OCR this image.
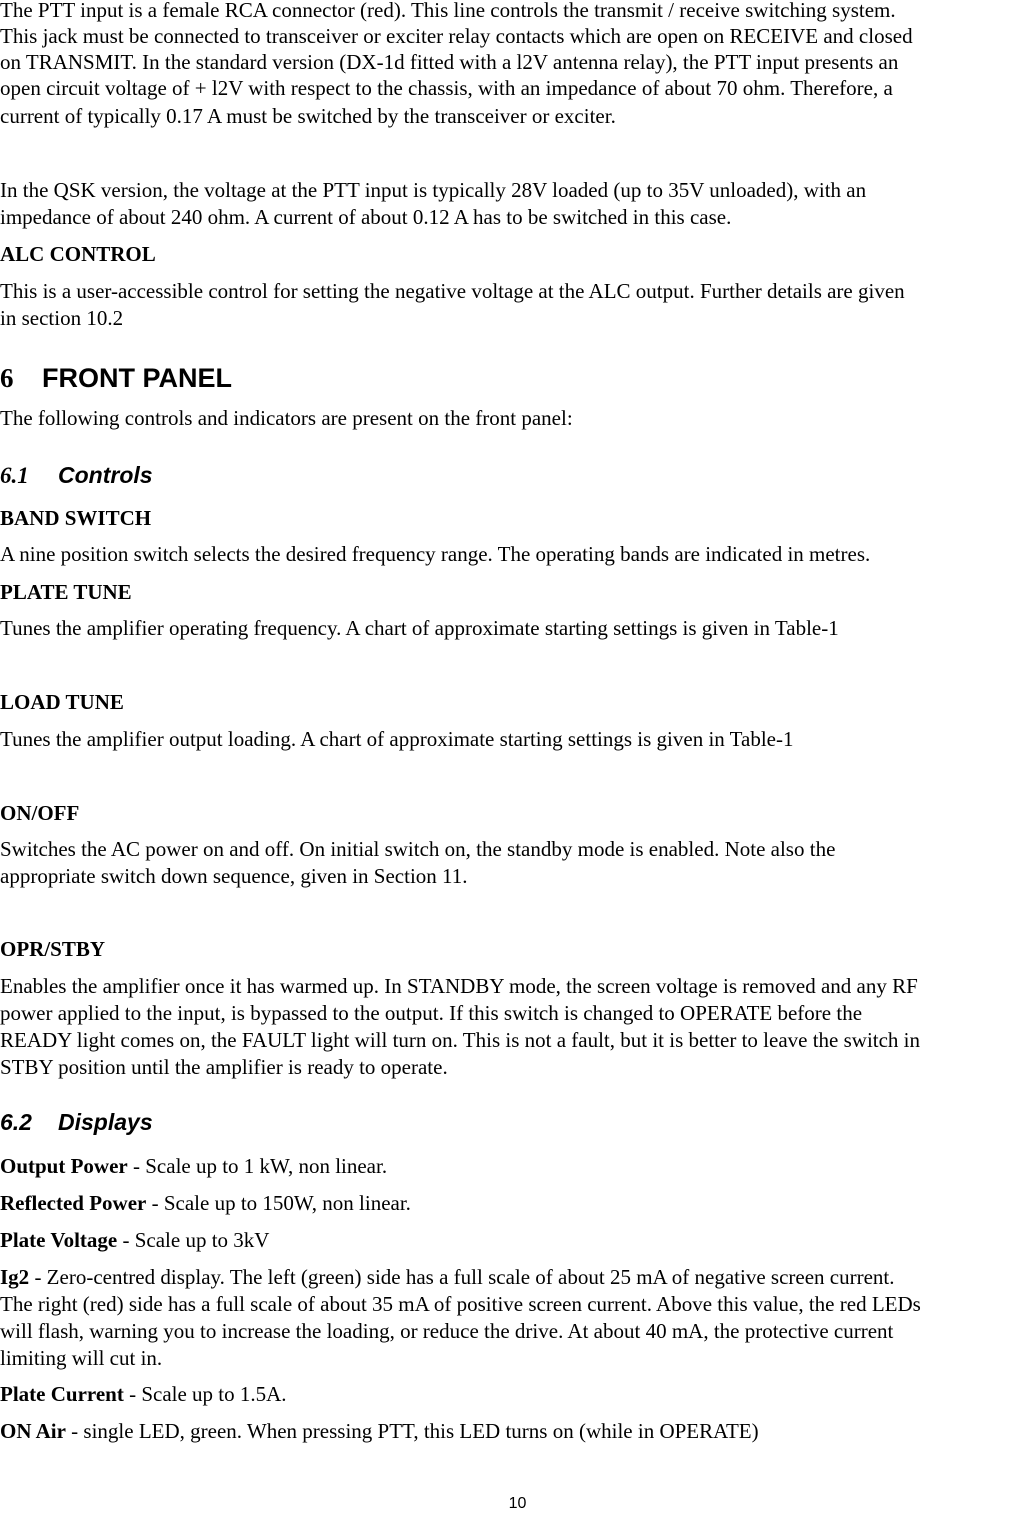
The PTT input is a female RCA connector (red). This line controls the transmit / receive switching system.

This jack must be connected to transceiver or exciter relay contacts which are open on RECEIVE and closed

on TRANSMIT. In the standard version (DX-1d fitted with a l2V antenna relay), the PTT input presents an

open circuit voltage of + l2V with respect to the chassis, with an impedance of about 70 ohm. Therefore, a

current of typically 0.17 A must be switched by the transceiver or exciter.

In the QSK version, the voltage at the PTT input is typically 28V loaded (up to 35V unloaded), with an

impedance of about 240 ohm. A current of about 0.12 A has to be switched in this case.

ALC CONTROL

This is a user-accessible control for setting the negative voltage at the ALC output. Further details are given

in section 10.2

6 FRONT PANEL

The following controls and indicators are present on the front panel:

6.1 Controls

BAND SWITCH

A nine position switch selects the desired frequency range. The operating bands are indicated in metres.

PLATE TUNE

Tunes the amplifier operating frequency. A chart of approximate starting settings is given in Table-1

LOAD TUNE

Tunes the amplifier output loading. A chart of approximate starting settings is given in Table-1

ON/OFF

Switches the AC power on and off. On initial switch on, the standby mode is enabled. Note also the

appropriate switch down sequence, given in Section 11.

OPR/STBY

Enables the amplifier once it has warmed up. In STANDBY mode, the screen voltage is removed and any RF

power applied to the input, is bypassed to the output. If this switch is changed to OPERATE before the

READY light comes on, the FAULT light will turn on. This is not a fault, but it is better to leave the switch in

STBY position until the amplifier is ready to operate.

6.2 Displays

Output Power - Scale up to 1 kW, non linear.

Reflected Power - Scale up to 150W, non linear.

Plate Voltage - Scale up to 3kV

Ig2 - Zero-centred display. The left (green) side has a full scale of about 25 mA of negative screen current.

The right (red) side has a full scale of about 35 mA of positive screen current. Above this value, the red LEDs

will flash, warning you to increase the loading, or reduce the drive. At about 40 mA, the protective current

limiting will cut in.

Plate Current - Scale up to 1.5A.

ON Air - single LED, green. When pressing PTT, this LED turns on (while in OPERATE)

10
